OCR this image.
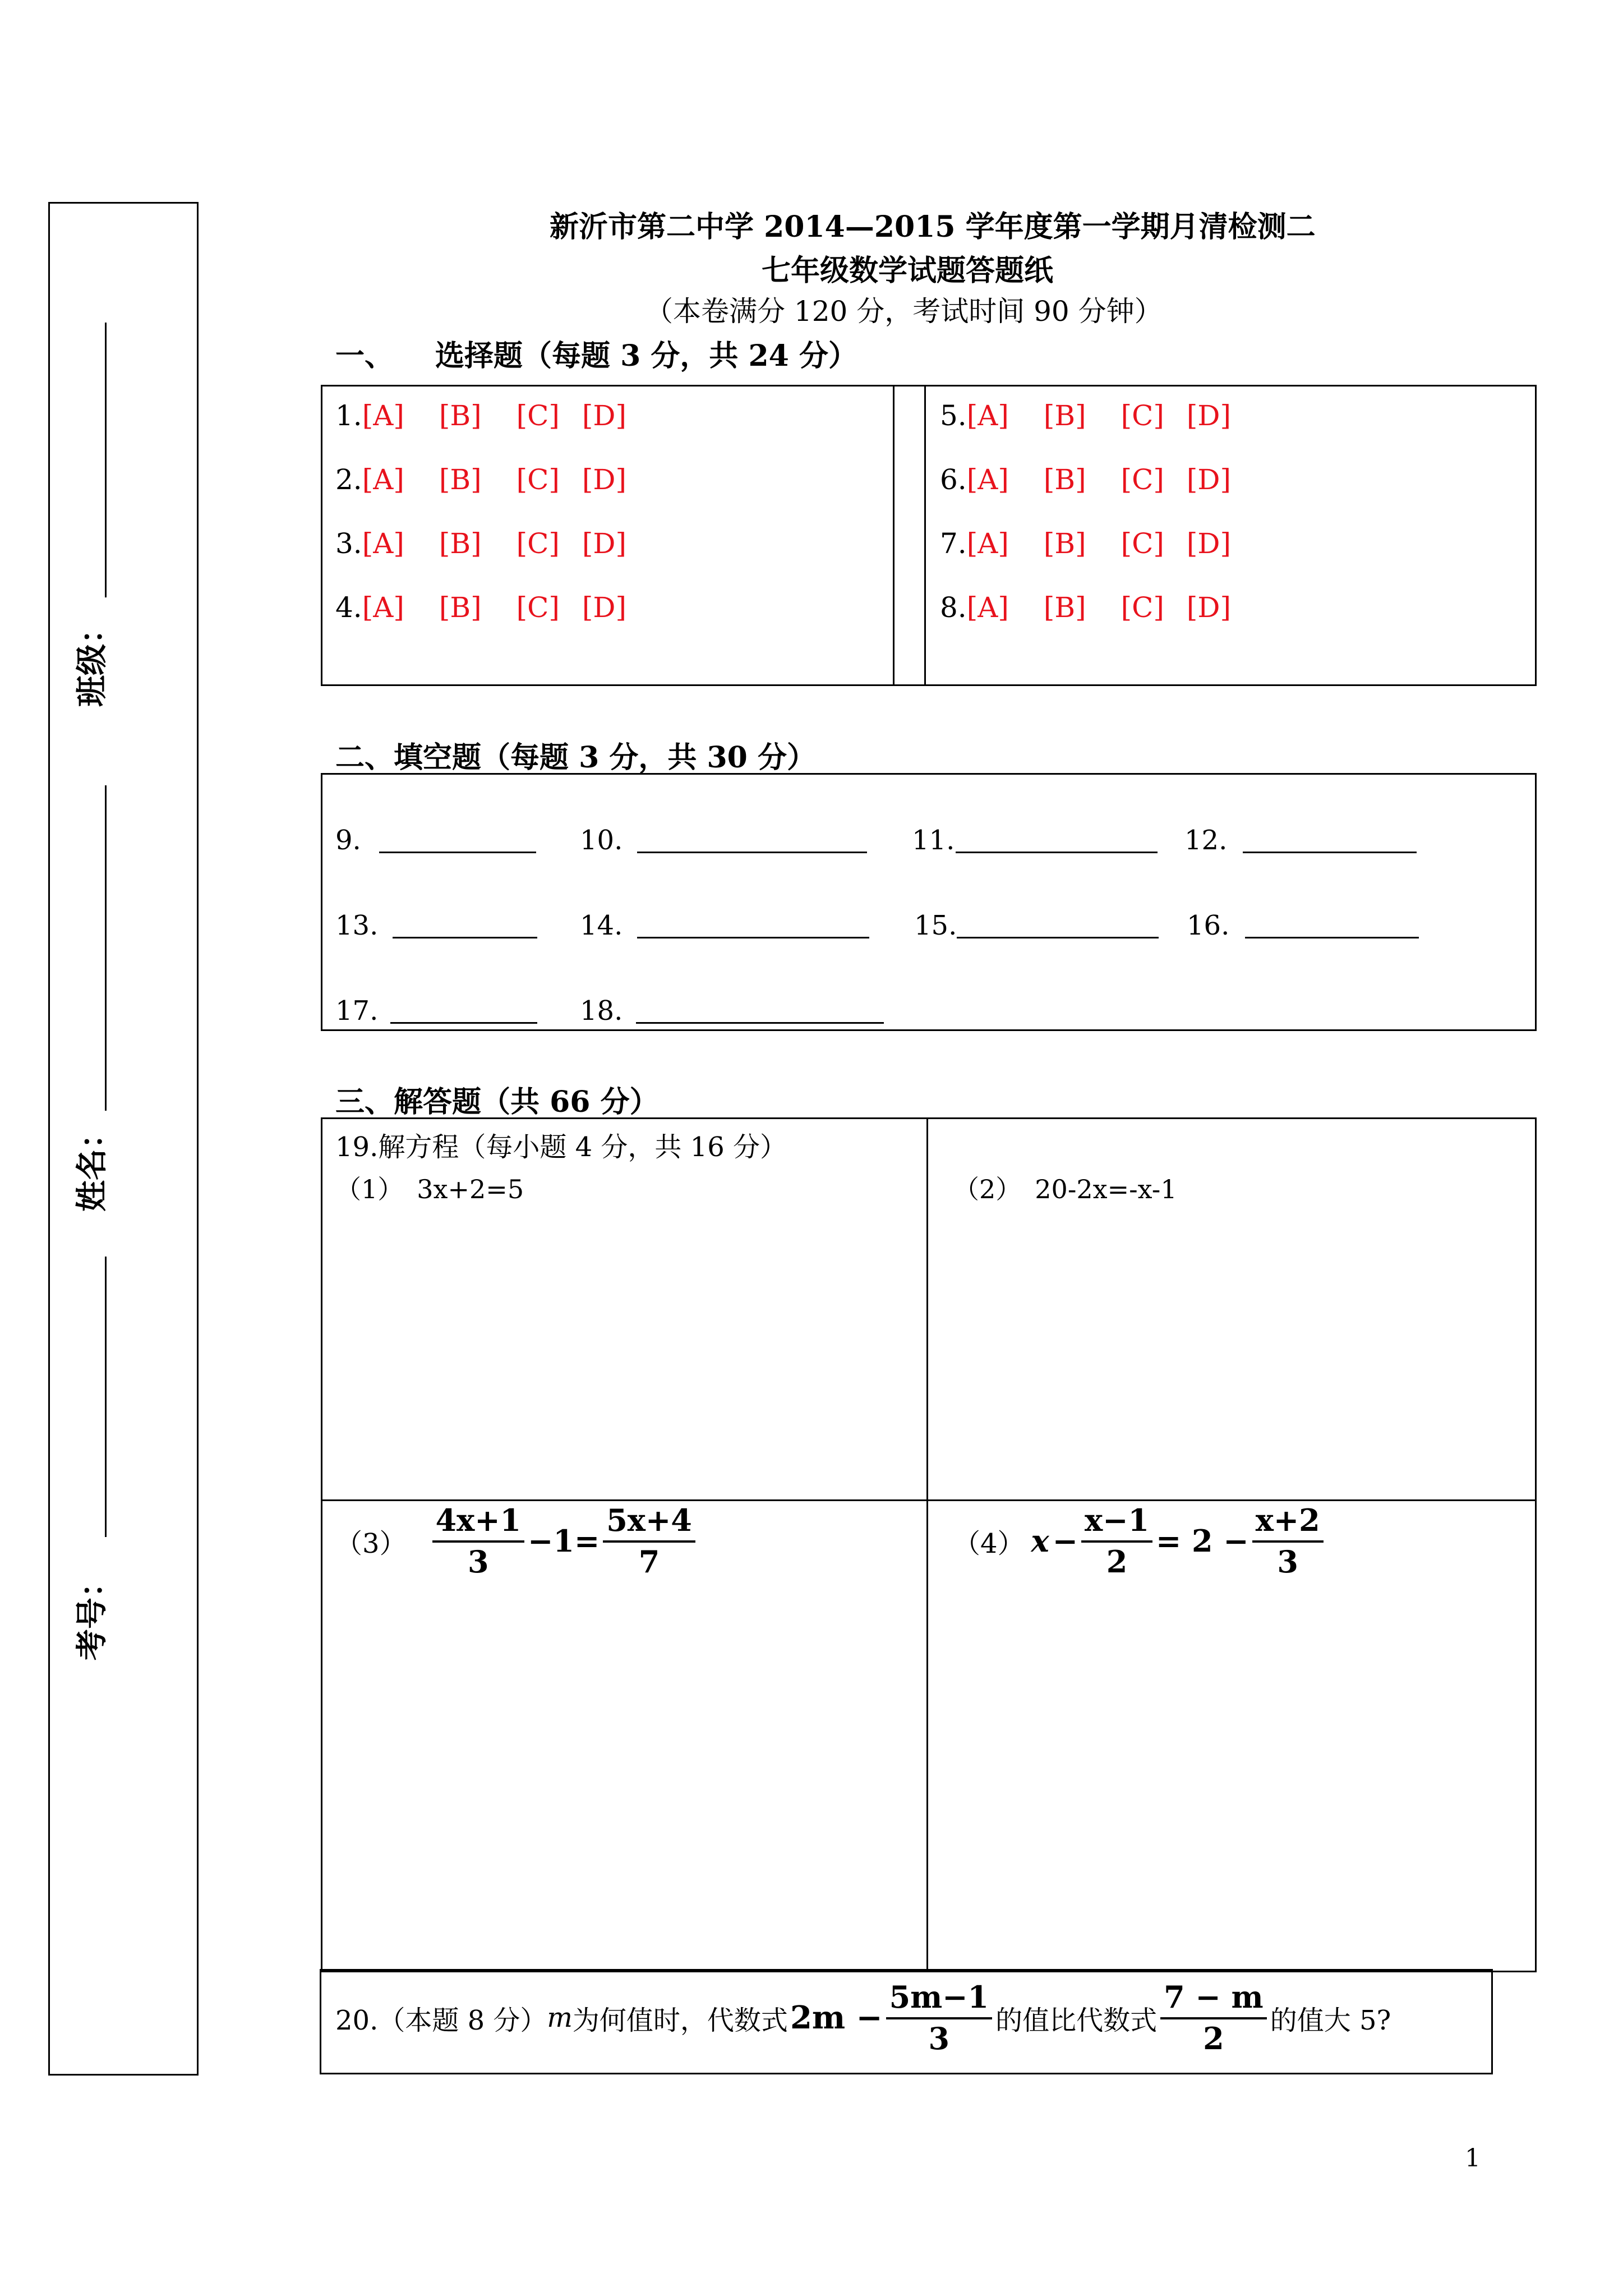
班级：
姓名：
考号：
新沂市第二中学 2014—2015 学年度第一学期月清检测二
七年级数学试题答题纸
（本卷满分 120 分，考试时间 90 分钟）
一、 选择题（每题 3 分，共 24 分）
1.[A] [B] [C] [D]
2.[A] [B] [C] [D]
3.[A] [B] [C] [D]
4.[A] [B] [C] [D]
5.[A] [B] [C] [D]
6.[A] [B] [C] [D]
7.[A] [B] [C] [D]
8.[A] [B] [C] [D]
二、填空题（每题 3 分，共 30 分）
9.	10.	11.	12.
13.	14.	15.	16.
17.	18.
三、解答题（共 66 分）
19.解方程（每小题 4 分，共 16 分）
（1） 3x+2=5	（2） 20-2x=-x-1
$(3) \frac{4x+1}{3} -1= \frac{5x+4}{7}$	（4） $x - \frac{x-1}{2} = 2 - \frac{x+2}{3}$
20.（本题 8 分） m 为何值时，代数式 $2m - \frac{5m-1}{3}$ 的值比代数式 $\frac{7 - m}{2}$ 的值大 5?
1
